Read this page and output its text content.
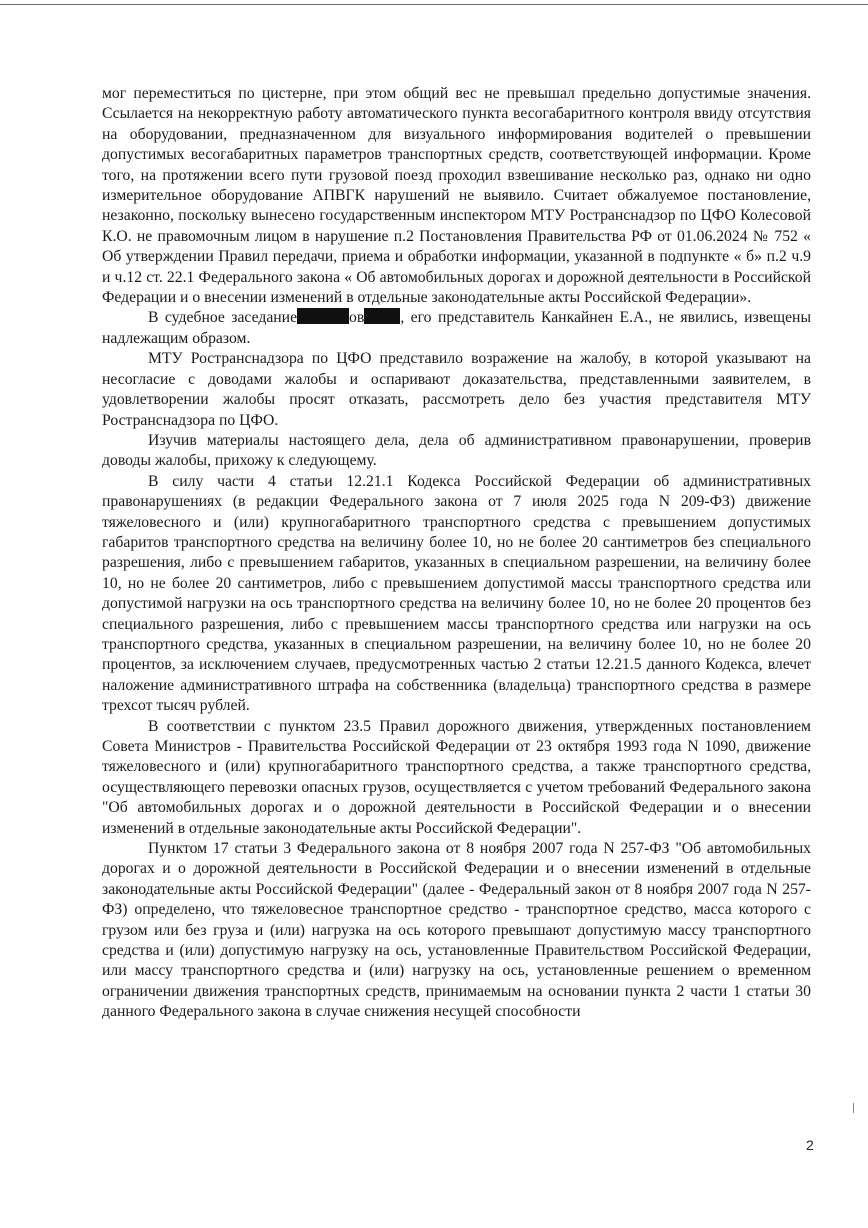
мог переместиться по цистерне, при этом общий вес не превышал предельно допустимые значения. Ссылается на некорректную работу автоматического пункта весогабаритного контроля ввиду отсутствия на оборудовании, предназначенном для визуального информирования водителей о превышении допустимых весогабаритных параметров транспортных средств, соответствующей информации. Кроме того, на протяжении всего пути грузовой поезд проходил взвешивание несколько раз, однако ни одно измерительное оборудование АПВГК нарушений не выявило. Считает обжалуемое постановление, незаконно, поскольку вынесено государственным инспектором МТУ Ространснадзор по ЦФО Колесовой К.О. не правомочным лицом в нарушение п.2 Постановления Правительства РФ от 01.06.2024 № 752 « Об утверждении Правил передачи, приема и обработки информации, указанной в подпункте « б» п.2 ч.9 и ч.12 ст. 22.1 Федерального закона « Об автомобильных дорогах и дорожной деятельности в Российской Федерации и о внесении изменений в отдельные законодательные акты Российской Федерации».

В судебное заседание	ов , его представитель Канкайнен Е.А., не явились, извещены надлежащим образом.

МТУ Ространснадзора по ЦФО представило возражение на жалобу, в которой указывают на несогласие с доводами жалобы и оспаривают доказательства, представленными заявителем, в удовлетворении жалобы просят отказать, рассмотреть дело без участия представителя МТУ Ространснадзора по ЦФО.

Изучив материалы настоящего дела, дела об административном правонарушении, проверив доводы жалобы, прихожу к следующему.

В силу части 4 статьи 12.21.1 Кодекса Российской Федерации об административных правонарушениях (в редакции Федерального закона от 7 июля 2025 года N 209-ФЗ) движение тяжеловесного и (или) крупногабаритного транспортного средства с превышением допустимых габаритов транспортного средства на величину более 10, но не более 20 сантиметров без специального разрешения, либо с превышением габаритов, указанных в специальном разрешении, на величину более 10, но не более 20 сантиметров, либо с превышением допустимой массы транспортного средства или допустимой нагрузки на ось транспортного средства на величину более 10, но не более 20 процентов без специального разрешения, либо с превышением массы транспортного средства или нагрузки на ось транспортного средства, указанных в специальном разрешении, на величину более 10, но не более 20 процентов, за исключением случаев, предусмотренных частью 2 статьи 12.21.5 данного Кодекса, влечет наложение административного штрафа на собственника (владельца) транспортного средства в размере трехсот тысяч рублей.

В соответствии с пунктом 23.5 Правил дорожного движения, утвержденных постановлением Совета Министров - Правительства Российской Федерации от 23 октября 1993 года N 1090, движение тяжеловесного и (или) крупногабаритного транспортного средства, а также транспортного средства, осуществляющего перевозки опасных грузов, осуществляется с учетом требований Федерального закона "Об автомобильных дорогах и о дорожной деятельности в Российской Федерации и о внесении изменений в отдельные законодательные акты Российской Федерации".

Пунктом 17 статьи 3 Федерального закона от 8 ноября 2007 года N 257-ФЗ "Об автомобильных дорогах и о дорожной деятельности в Российской Федерации и о внесении изменений в отдельные законодательные акты Российской Федерации" (далее - Федеральный закон от 8 ноября 2007 года N 257-ФЗ) определено, что тяжеловесное транспортное средство - транспортное средство, масса которого с грузом или без груза и (или) нагрузка на ось которого превышают допустимую массу транспортного средства и (или) допустимую нагрузку на ось, установленные Правительством Российской Федерации, или массу транспортного средства и (или) нагрузку на ось, установленные решением о временном ограничении движения транспортных средств, принимаемым на основании пункта 2 части 1 статьи 30 данного Федерального закона в случае снижения несущей способности

2
